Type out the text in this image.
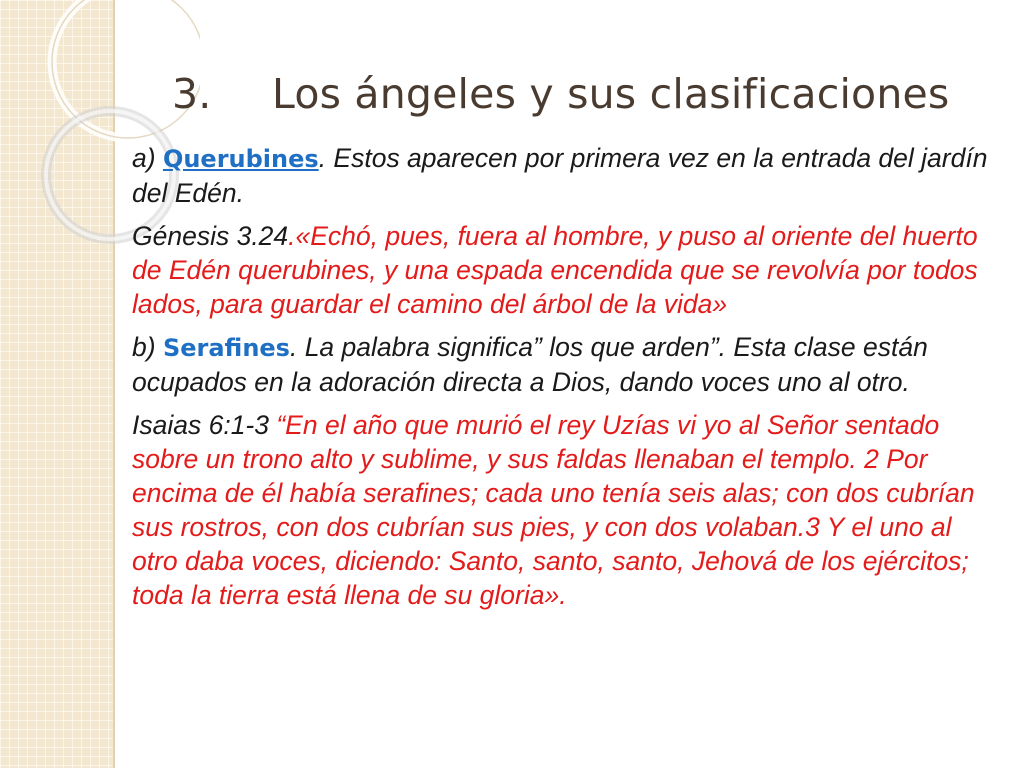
3. Los ángeles y sus clasificaciones

a) Querubines. Estos aparecen por primera vez en la entrada del jardín del Edén.

Génesis 3.24.«Echó, pues, fuera al hombre, y puso al oriente del huerto de Edén querubines, y una espada encendida que se revolvía por todos lados, para guardar el camino del árbol de la vida»

b) Serafines. La palabra significa” los que arden”. Esta clase están ocupados en la adoración directa a Dios, dando voces uno al otro.

Isaias 6:1-3 “En el año que murió el rey Uzías vi yo al Señor sentado sobre un trono alto y sublime, y sus faldas llenaban el templo. 2 Por encima de él había serafines; cada uno tenía seis alas; con dos cubrían sus rostros, con dos cubrían sus pies, y con dos volaban.3 Y el uno al otro daba voces, diciendo: Santo, santo, santo, Jehová de los ejércitos; toda la tierra está llena de su gloria».
